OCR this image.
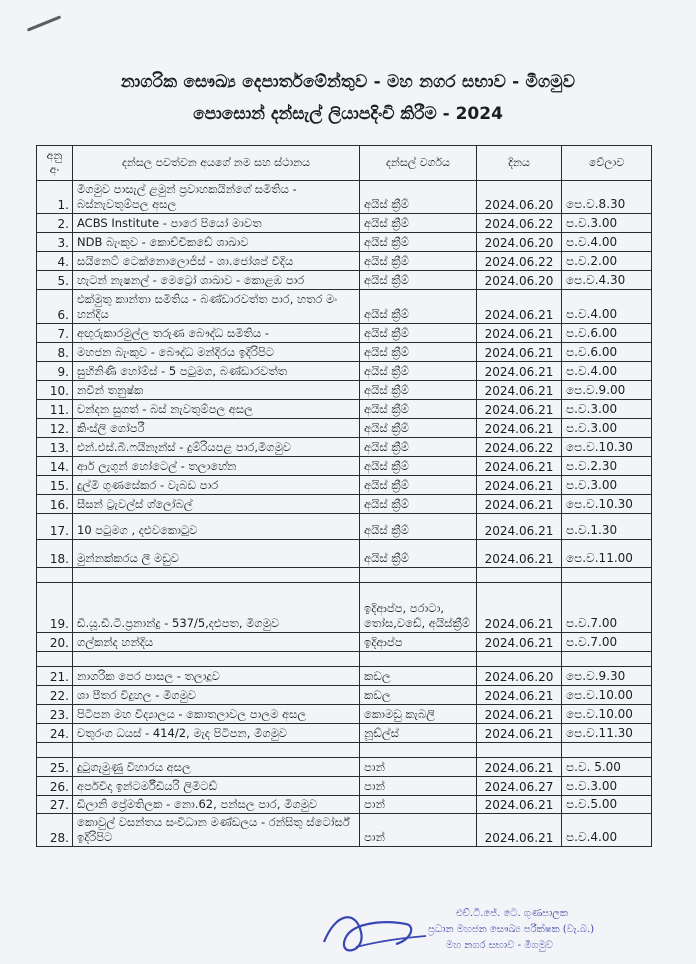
නාගරික සෞඛ්‍ය දෙපාර්තමේන්තුව - මහ නගර සභාව - මීගමුව
පොසොන් දන්සැල් ලියාපදිංචි කිරීම - 2024
අනු අං	දන්සල පවත්වන අයගේ නම සහ ස්ථානය	දන්සල් වර්ගය	දිනය	වේලාව
1.	මීගමුව පාසැල් ළමුන් ප්‍රවාහකයින්ගේ සමිතිය - බස්නැවතුම්පල අසල	අයිස් ක්‍රීම්	2024.06.20	පෙ.ව.8.30
2.	ACBS Institute - පාරෙ පියෝ මාවත	අයිස් ක්‍රීම්	2024.06.22	ප.ව.3.00
3.	NDB බැංකුව - කොච්චිකඩේ ශාඛාව	අයිස් ක්‍රීම්	2024.06.20	ප.ව.4.00
4.	සයිනෙට් ටෙක්නොලොජිස් - ශා.ජෝශප් වීදිය	අයිස් ක්‍රීම්	2024.06.22	ප.ව.2.00
5.	හැටන් නැෂනල් - මෙට්‍රෝ ශාඛාව - කොළඹ පාර	අයිස් ක්‍රීම්	2024.06.20	පෙ.ව.4.30
6.	එක්මුතු කාන්තා සමිතිය - බණ්ඩාරවත්ත පාර, හතර මං හන්දිය	අයිස් ක්‍රීම්	2024.06.21	ප.ව.4.00
7.	අඟුරුකාරමුල්ල තරුණ බෞද්ධ සමිතිය -	අයිස් ක්‍රීම්	2024.06.21	ප.ව.6.00
8.	මහජන බැංකුව - බෞද්ධ මන්දිරය ඉදිරිපිට	අයිස් ක්‍රීම්	2024.06.21	ප.ව.6.00
9.	සුහිනිණි හෝම්ස් - 5 පටුමග, බණ්ඩාරවත්ත	අයිස් ක්‍රීම්	2024.06.21	ප.ව.4.00
10.	නවීන් තනුෂ්ක	අයිස් ක්‍රීම්	2024.06.21	පෙ.ව.9.00
11.	චන්දන සුගත් - බස් නැවතුම්පල අසල	අයිස් ක්‍රීම්	2024.06.21	ප.ව.3.00
12.	කිංස්ලි ගෝපරී	අයිස් ක්‍රීම්	2024.06.21	ප.ව.3.00
13.	එන්.එස්.බී.ෆයිනෑන්ස් - දුම්රියපළ පාර,මීගමුව	අයිස් ක්‍රීම්	2024.06.22	පෙ.ව.10.30
14.	ආර් ලැගුන් හෝටෙල් - තලාහේන	අයිස් ක්‍රීම්	2024.06.21	ප.ව.2.30
15.	දුල්මි ගුණසේකර - වැබඩ පාර	අයිස් ක්‍රීම්	2024.06.21	ප.ව.3.00
16.	සීසන් ට්‍රැවල්ස් ග්ලෝබල්	අයිස් ක්‍රීම්	2024.06.21	පෙ.ව.10.30
17.	10 පටුමග , දළුවකොටුව	අයිස් ක්‍රීම්	2024.06.21	ප.ව.1.30
18.	මුන්නක්කරය ලී මඩුව	අයිස් ක්‍රීම්	2024.06.21	පෙ.ව.11.00

19.	ඩී.යූ.ඩී.ටී.ප්‍රනාන්දු - 537/5,දළුපත, මීගමුව	ඉදිආප්ප, පරාටා, තෝස,වඩේ, අයිස්ක්‍රීම්	2024.06.21	ප.ව.7.00
20.	ගල්කන්ද හන්දිය	ඉදිආප්ප	2024.06.21	ප.ව.7.00

21.	නාගරික පෙර පාසල - තලාදූව	කඩල	2024.06.20	පෙ.ව.9.30
22.	ශා පීතර විදුහල - මීගමුව	කඩල	2024.06.21	පෙ.ව.10.00
23.	පිටිපන මහ විද්‍යාලය - කොතලාවල පාලම අසල	කොමඩු කැබලි	2024.06.21	පෙ.ව.10.00
24.	චතුරංග ධයස් - 414/2, මැද පිටිපන, මීගමුව	නූඩ්ල්ස්	2024.06.21	පෙ.ව.11.30

25.	දුටුගැමුණු විහාරය අසල	පාන්	2024.06.21	ප.ව. 5.00
26.	අර්පවිදා ඉන්ටර්මීඩියරි ලිමිටඩ්	පාන්	2024.06.27	ප.ව.3.00
27.	ඩිලානි ප්‍රේමතිලක - නො.62, පන්සල පාර, මීගමුව	පාන්	2024.06.21	ප.ව.5.00
28.	කොවුල් වසන්තය සංවිධාන මණ්ඩලය - රන්සිතු ස්ටෝර්ස් ඉදිරිපිට	පාන්	2024.06.21	ප.ව.4.00
එච්.ටී.ජේ. ටෙ. ගුණපාලක
ප්‍රධාන මහජන සෞඛ්‍ය පරීක්ෂක (වැ.බ.)
මහ නගර සභාව - මීගමුව
